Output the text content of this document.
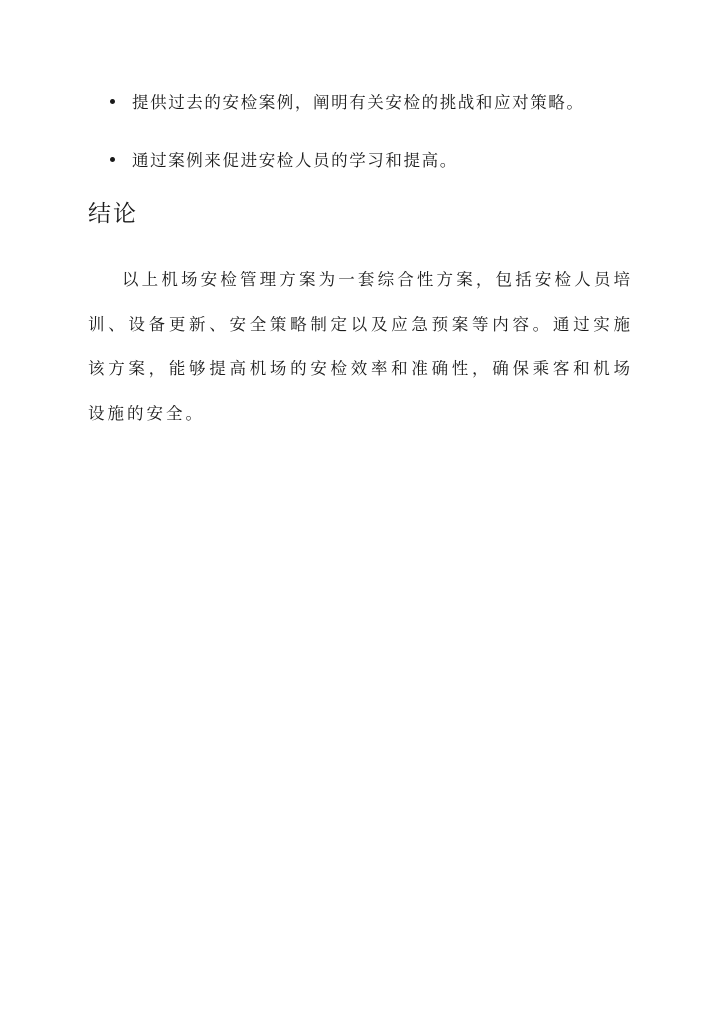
提供过去的安检案例，阐明有关安检的挑战和应对策略。
通过案例来促进安检人员的学习和提高。
结论

以上机场安检管理方案为一套综合性方案，包括安检人员培训、设备更新、安全策略制定以及应急预案等内容。通过实施该方案，能够提高机场的安检效率和准确性，确保乘客和机场设施的安全。
